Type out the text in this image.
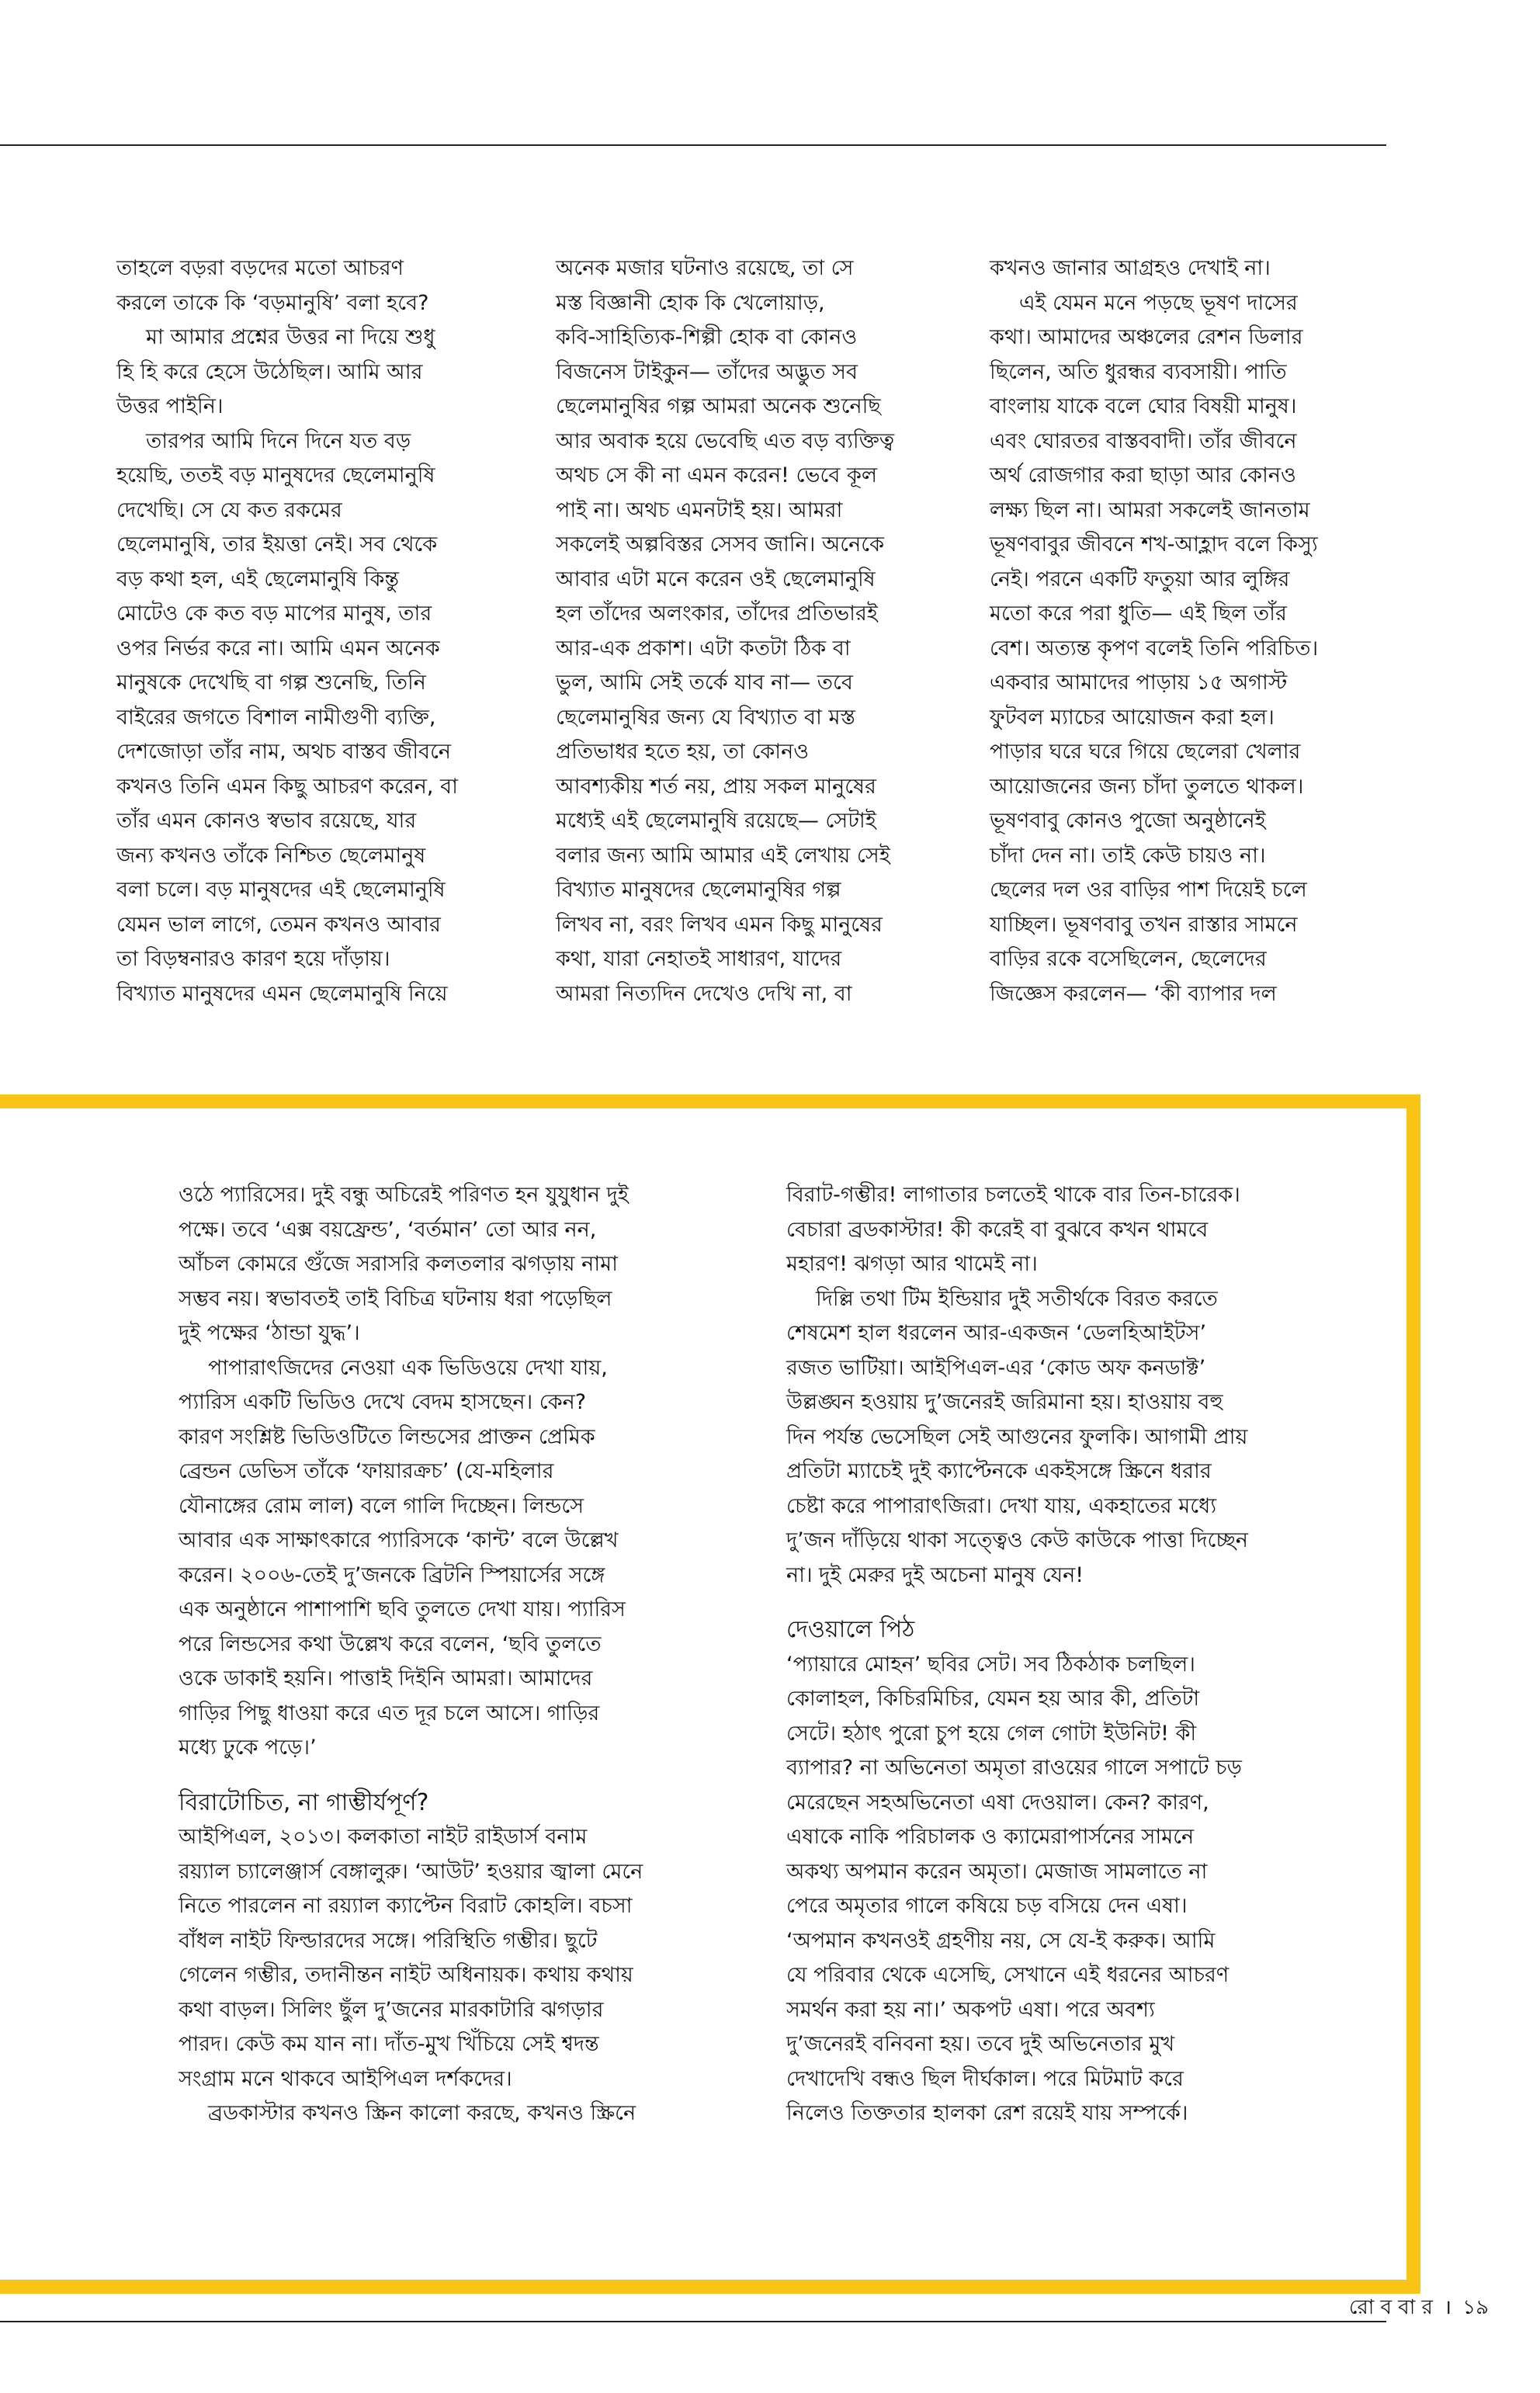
তাহলে বড়রা বড়দের মতো আচরণ

করলে তাকে কি ‘বড়মানুষি’ বলা হবে?

মা আমার প্রশ্নের উত্তর না দিয়ে শুধু

হি হি করে হেসে উঠেছিল। আমি আর

উত্তর পাইনি।

তারপর আমি দিনে দিনে যত বড়

হয়েছি, ততই বড় মানুষদের ছেলেমানুষি

দেখেছি। সে যে কত রকমের

ছেলেমানুষি, তার ইয়ত্তা নেই। সব থেকে

বড় কথা হল, এই ছেলেমানুষি কিন্তু

মোটেও কে কত বড় মাপের মানুষ, তার

ওপর নির্ভর করে না। আমি এমন অনেক

মানুষকে দেখেছি বা গল্প শুনেছি, তিনি

বাইরের জগতে বিশাল নামীগুণী ব্যক্তি,

দেশজোড়া তাঁর নাম, অথচ বাস্তব জীবনে

কখনও তিনি এমন কিছু আচরণ করেন, বা

তাঁর এমন কোনও স্বভাব রয়েছে, যার

জন্য কখনও তাঁকে নিশ্চিত ছেলেমানুষ

বলা চলে। বড় মানুষদের এই ছেলেমানুষি

যেমন ভাল লাগে, তেমন কখনও আবার

তা বিড়ম্বনারও কারণ হয়ে দাঁড়ায়।

বিখ্যাত মানুষদের এমন ছেলেমানুষি নিয়ে

অনেক মজার ঘটনাও রয়েছে, তা সে

মস্ত বিজ্ঞানী হোক কি খেলোয়াড়,

কবি-সাহিত্যিক-শিল্পী হোক বা কোনও

বিজনেস টাইকুন— তাঁদের অদ্ভুত সব

ছেলেমানুষির গল্প আমরা অনেক শুনেছি

আর অবাক হয়ে ভেবেছি এত বড় ব্যক্তিত্ব

অথচ সে কী না এমন করেন! ভেবে কূল

পাই না। অথচ এমনটাই হয়। আমরা

সকলেই অল্পবিস্তর সেসব জানি। অনেকে

আবার এটা মনে করেন ওই ছেলেমানুষি

হল তাঁদের অলংকার, তাঁদের প্রতিভারই

আর-এক প্রকাশ। এটা কতটা ঠিক বা

ভুল, আমি সেই তর্কে যাব না— তবে

ছেলেমানুষির জন্য যে বিখ্যাত বা মস্ত

প্রতিভাধর হতে হয়, তা কোনও

আবশ্যকীয় শর্ত নয়, প্রায় সকল মানুষের

মধ্যেই এই ছেলেমানুষি রয়েছে— সেটাই

বলার জন্য আমি আমার এই লেখায় সেই

বিখ্যাত মানুষদের ছেলেমানুষির গল্প

লিখব না, বরং লিখব এমন কিছু মানুষের

কথা, যারা নেহাতই সাধারণ, যাদের

আমরা নিত্যদিন দেখেও দেখি না, বা

কখনও জানার আগ্রহও দেখাই না।

এই যেমন মনে পড়ছে ভূষণ দাসের

কথা। আমাদের অঞ্চলের রেশন ডিলার

ছিলেন, অতি ধুরন্ধর ব্যবসায়ী। পাতি

বাংলায় যাকে বলে ঘোর বিষয়ী মানুষ।

এবং ঘোরতর বাস্তববাদী। তাঁর জীবনে

অর্থ রোজগার করা ছাড়া আর কোনও

লক্ষ্য ছিল না। আমরা সকলেই জানতাম

ভূষণবাবুর জীবনে শখ-আহ্লাদ বলে কিস্যু

নেই। পরনে একটি ফতুয়া আর লুঙ্গির

মতো করে পরা ধুতি— এই ছিল তাঁর

বেশ। অত্যন্ত কৃপণ বলেই তিনি পরিচিত।

একবার আমাদের পাড়ায় ১৫ অগাস্ট

ফুটবল ম্যাচের আয়োজন করা হল।

পাড়ার ঘরে ঘরে গিয়ে ছেলেরা খেলার

আয়োজনের জন্য চাঁদা তুলতে থাকল।

ভূষণবাবু কোনও পুজো অনুষ্ঠানেই

চাঁদা দেন না। তাই কেউ চায়ও না।

ছেলের দল ওর বাড়ির পাশ দিয়েই চলে

যাচ্ছিল। ভূষণবাবু তখন রাস্তার সামনে

বাড়ির রকে বসেছিলেন, ছেলেদের

জিজ্ঞেস করলেন— ‘কী ব্যাপার দল

ওঠে প্যারিসের। দুই বন্ধু অচিরেই পরিণত হন যুযুধান দুই

পক্ষে। তবে ‘এক্স বয়ফ্রেন্ড’, ‘বর্তমান’ তো আর নন,

আঁচল কোমরে গুঁজে সরাসরি কলতলার ঝগড়ায় নামা

সম্ভব নয়। স্বভাবতই তাই বিচিত্র ঘটনায় ধরা পড়েছিল

দুই পক্ষের ‘ঠান্ডা যুদ্ধ’।

পাপারাৎজিদের নেওয়া এক ভিডিওয়ে দেখা যায়,

প্যারিস একটি ভিডিও দেখে বেদম হাসছেন। কেন?

কারণ সংশ্লিষ্ট ভিডিওটিতে লিন্ডসের প্রাক্তন প্রেমিক

ব্রেন্ডন ডেভিস তাঁকে ‘ফায়ারক্রচ’ (যে-মহিলার

যৌনাঙ্গের রোম লাল) বলে গালি দিচ্ছেন। লিন্ডসে

আবার এক সাক্ষাৎকারে প্যারিসকে ‘কান্ট’ বলে উল্লেখ

করেন। ২০০৬-তেই দু’জনকে ব্রিটনি স্পিয়ার্সের সঙ্গে

এক অনুষ্ঠানে পাশাপাশি ছবি তুলতে দেখা যায়। প্যারিস

পরে লিন্ডসের কথা উল্লেখ করে বলেন, ‘ছবি তুলতে

ওকে ডাকাই হয়নি। পাত্তাই দিইনি আমরা। আমাদের

গাড়ির পিছু ধাওয়া করে এত দূর চলে আসে। গাড়ির

মধ্যে ঢুকে পড়ে।’

বিরাটোচিত, না গাম্ভীর্যপূর্ণ?

আইপিএল, ২০১৩। কলকাতা নাইট রাইডার্স বনাম

রয়্যাল চ্যালেঞ্জার্স বেঙ্গালুরু। ‘আউট’ হওয়ার জ্বালা মেনে

নিতে পারলেন না রয়্যাল ক্যাপ্টেন বিরাট কোহলি। বচসা

বাঁধল নাইট ফিল্ডারদের সঙ্গে। পরিস্থিতি গম্ভীর। ছুটে

গেলেন গম্ভীর, তদানীন্তন নাইট অধিনায়ক। কথায় কথায়

কথা বাড়ল। সিলিং ছুঁল দু’জনের মারকাটারি ঝগড়ার

পারদ। কেউ কম যান না। দাঁত-মুখ খিঁচিয়ে সেই শ্বদন্ত

সংগ্রাম মনে থাকবে আইপিএল দর্শকদের।

ব্রডকাস্টার কখনও স্ক্রিন কালো করছে, কখনও স্ক্রিনে

বিরাট-গম্ভীর! লাগাতার চলতেই থাকে বার তিন-চারেক।

বেচারা ব্রডকাস্টার! কী করেই বা বুঝবে কখন থামবে

মহারণ! ঝগড়া আর থামেই না।

দিল্লি তথা টিম ইন্ডিয়ার দুই সতীর্থকে বিরত করতে

শেষমেশ হাল ধরলেন আর-একজন ‘ডেলহিআইটস’

রজত ভাটিয়া। আইপিএল-এর ‘কোড অফ কনডাক্ট’

উল্লঙ্ঘন হওয়ায় দু’জনেরই জরিমানা হয়। হাওয়ায় বহু

দিন পর্যন্ত ভেসেছিল সেই আগুনের ফুলকি। আগামী প্রায়

প্রতিটা ম্যাচেই দুই ক্যাপ্টেনকে একইসঙ্গে স্ক্রিনে ধরার

চেষ্টা করে পাপারাৎজিরা। দেখা যায়, একহাতের মধ্যে

দু’জন দাঁড়িয়ে থাকা সত্ত্বেও কেউ কাউকে পাত্তা দিচ্ছেন

না। দুই মেরুর দুই অচেনা মানুষ যেন!

দেওয়ালে পিঠ

‘প্যায়ারে মোহন’ ছবির সেট। সব ঠিকঠাক চলছিল।

কোলাহল, কিচিরমিচির, যেমন হয় আর কী, প্রতিটা

সেটে। হঠাৎ পুরো চুপ হয়ে গেল গোটা ইউনিট! কী

ব্যাপার? না অভিনেতা অমৃতা রাওয়ের গালে সপাটে চড়

মেরেছেন সহঅভিনেতা এষা দেওয়াল। কেন? কারণ,

এষাকে নাকি পরিচালক ও ক্যামেরাপার্সনের সামনে

অকথ্য অপমান করেন অমৃতা। মেজাজ সামলাতে না

পেরে অমৃতার গালে কষিয়ে চড় বসিয়ে দেন এষা।

‘অপমান কখনওই গ্রহণীয় নয়, সে যে-ই করুক। আমি

যে পরিবার থেকে এসেছি, সেখানে এই ধরনের আচরণ

সমর্থন করা হয় না।’ অকপট এষা। পরে অবশ্য

দু’জনেরই বনিবনা হয়। তবে দুই অভিনেতার মুখ

দেখাদেখি বন্ধও ছিল দীর্ঘকাল। পরে মিটমাট করে

নিলেও তিক্ততার হালকা রেশ রয়েই যায় সম্পর্কে।

রো ব বা র । ১৯
